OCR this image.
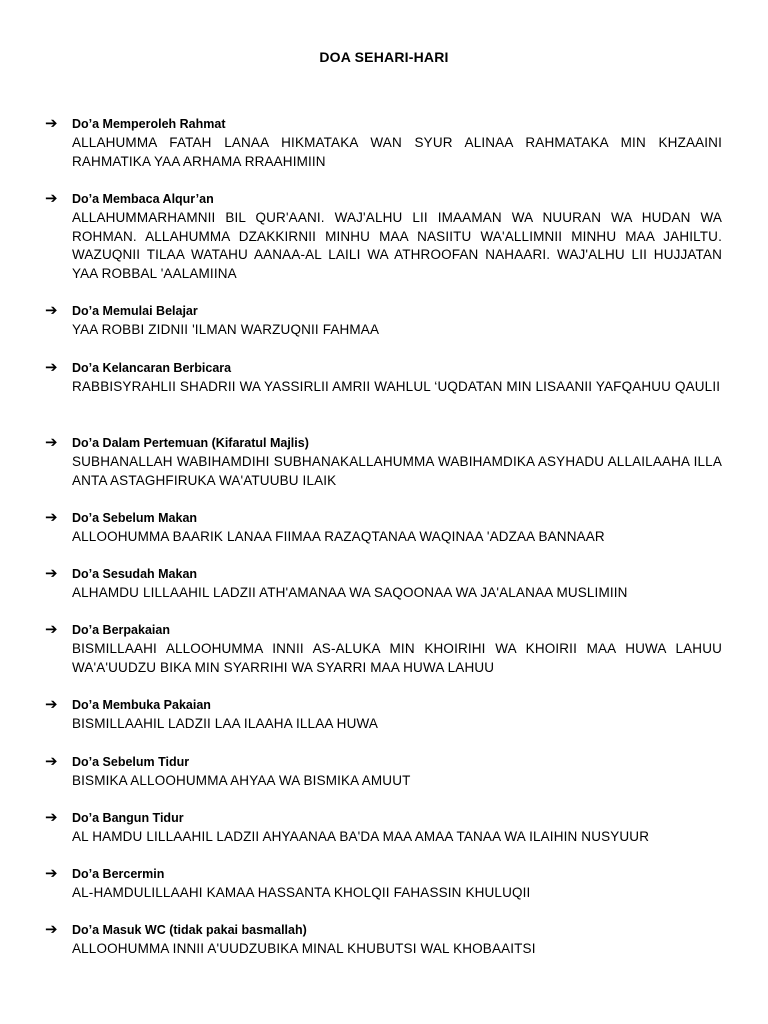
DOA SEHARI-HARI
➔ Do’a Memperoleh Rahmat
ALLAHUMMA FATAH LANAA HIKMATAKA WAN SYUR ALINAA RAHMATAKA MIN KHZAAINI RAHMATIKA YAA ARHAMA RRAAHIMIIN
➔ Do’a Membaca Alqur’an
ALLAHUMMARHAMNII BIL QUR'AANI. WAJ'ALHU LII IMAAMAN WA NUURAN WA HUDAN WA ROHMAN. ALLAHUMMA DZAKKIRNII MINHU MAA NASIITU WA'ALLIMNII MINHU MAA JAHILTU. WAZUQNII TILAA WATAHU AANAA-AL LAILI WA ATHROOFAN NAHAARI. WAJ'ALHU LII HUJJATAN YAA ROBBAL 'AALAMIINA
➔ Do’a Memulai Belajar
YAA ROBBI ZIDNII 'ILMAN WARZUQNII FAHMAA
➔ Do’a Kelancaran Berbicara
RABBISYRAHLII SHADRII WA YASSIRLII AMRII WAHLUL ‘UQDATAN MIN LISAANII YAFQAHUU QAULII
➔ Do’a Dalam Pertemuan (Kifaratul Majlis)
SUBHANALLAH WABIHAMDIHI SUBHANAKALLAHUMMA WABIHAMDIKA ASYHADU ALLAILAAHA ILLA ANTA ASTAGHFIRUKA WA'ATUUBU ILAIK
➔ Do’a Sebelum Makan
ALLOOHUMMA BAARIK LANAA FIIMAA RAZAQTANAA WAQINAA 'ADZAA BANNAAR
➔ Do’a Sesudah Makan
ALHAMDU LILLAAHIL LADZII ATH'AMANAA WA SAQOONAA WA JA'ALANAA MUSLIMIIN
➔ Do’a Berpakaian
BISMILLAAHI ALLOOHUMMA INNII AS-ALUKA MIN KHOIRIHI WA KHOIRII MAA HUWA LAHUU WA'A'UUDZU BIKA MIN SYARRIHI WA SYARRI MAA HUWA LAHUU
➔ Do’a Membuka Pakaian
BISMILLAAHIL LADZII LAA ILAAHA ILLAA HUWA
➔ Do’a Sebelum Tidur
BISMIKA ALLOOHUMMA AHYAA WA BISMIKA AMUUT
➔ Do’a Bangun Tidur
AL HAMDU LILLAAHIL LADZII AHYAANAA BA'DA MAA AMAA TANAA WA ILAIHIN NUSYUUR
➔ Do’a Bercermin
AL-HAMDULILLAAHI KAMAA HASSANTA KHOLQII FAHASSIN KHULUQII
➔ Do’a Masuk WC (tidak pakai basmallah)
ALLOOHUMMA INNII A'UUDZUBIKA MINAL KHUBUTSI WAL KHOBAAITSI
